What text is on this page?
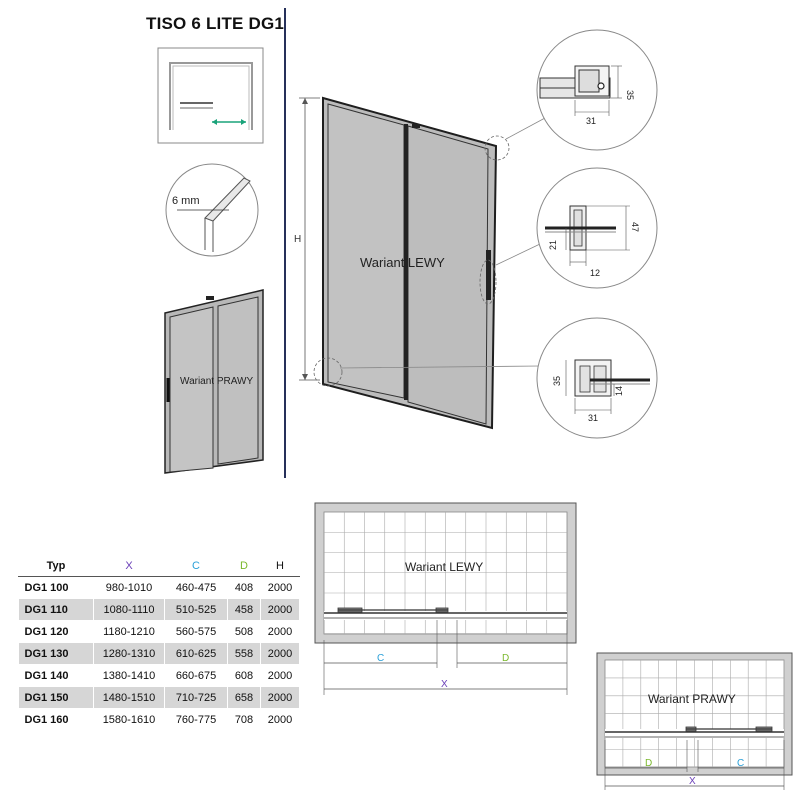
TISO 6 LITE DG1
6 mm
Wariant PRAWY
H
Wariant LEWY
35
31
21
47
12
35
14
31
Wariant LEWY
C	D
X
Wariant PRAWY
D	C
X
Typ	X	C	D	H
DG1 100	980-1010	460-475	408	2000
DG1 110	1080-1110	510-525	458	2000
DG1 120	1180-1210	560-575	508	2000
DG1 130	1280-1310	610-625	558	2000
DG1 140	1380-1410	660-675	608	2000
DG1 150	1480-1510	710-725	658	2000
DG1 160	1580-1610	760-775	708	2000
